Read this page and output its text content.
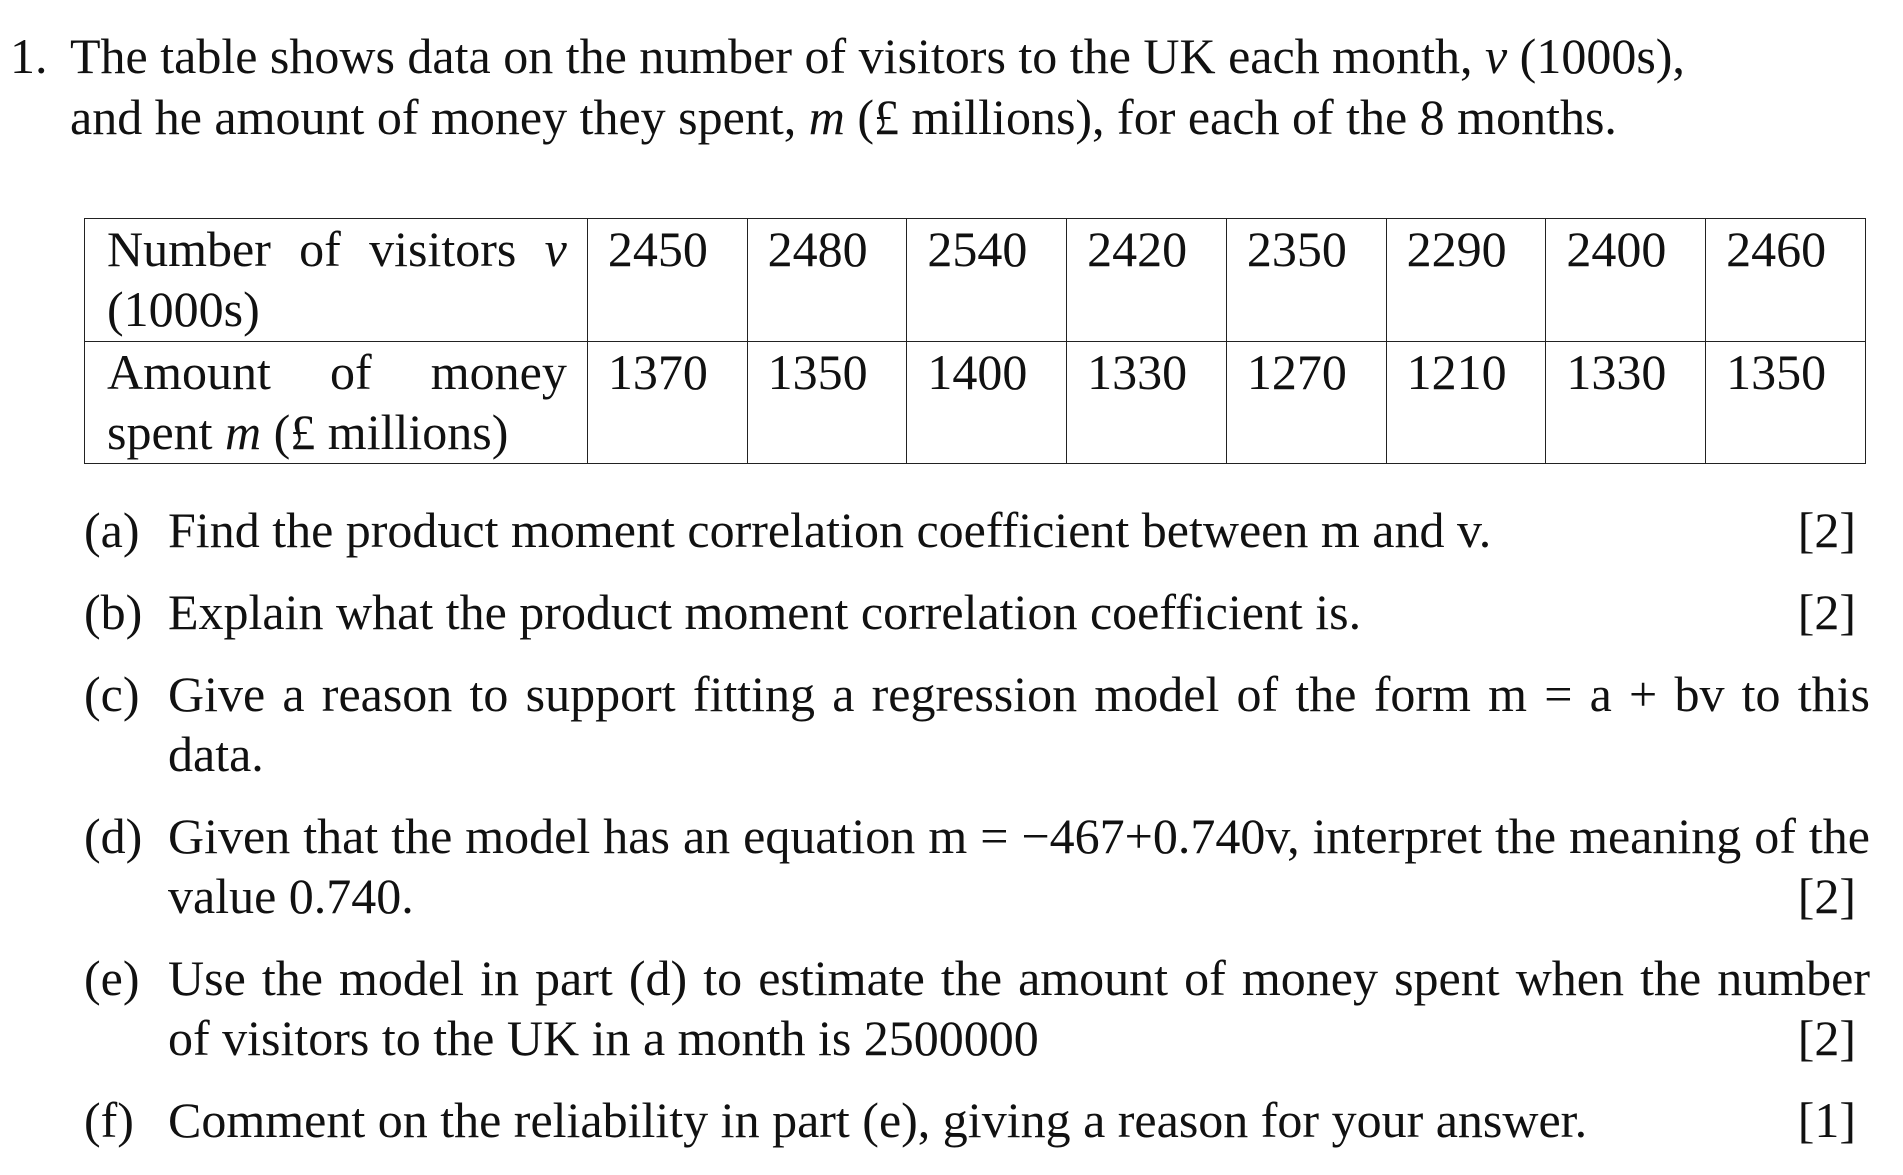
1. The table shows data on the number of visitors to the UK each month, v (1000s),
and he amount of money they spent, m (£ millions), for each of the 8 months.
Number of visitors v (1000s)	2450	2480	2540	2420	2350	2290	2400	2460
Amount of money spent m (£ millions)	1370	1350	1400	1330	1270	1210	1330	1350
(a) Find the product moment correlation coefficient between m and v.	[2]
(b) Explain what the product moment correlation coefficient is.	[2]
(c) Give a reason to support fitting a regression model of the form m = a + bv to this data.
(d) Given that the model has an equation m = −467+0.740v, interpret the meaning of the value 0.740.	[2]
(e) Use the model in part (d) to estimate the amount of money spent when the number of visitors to the UK in a month is 2500000	[2]
(f) Comment on the reliability in part (e), giving a reason for your answer.	[1]
